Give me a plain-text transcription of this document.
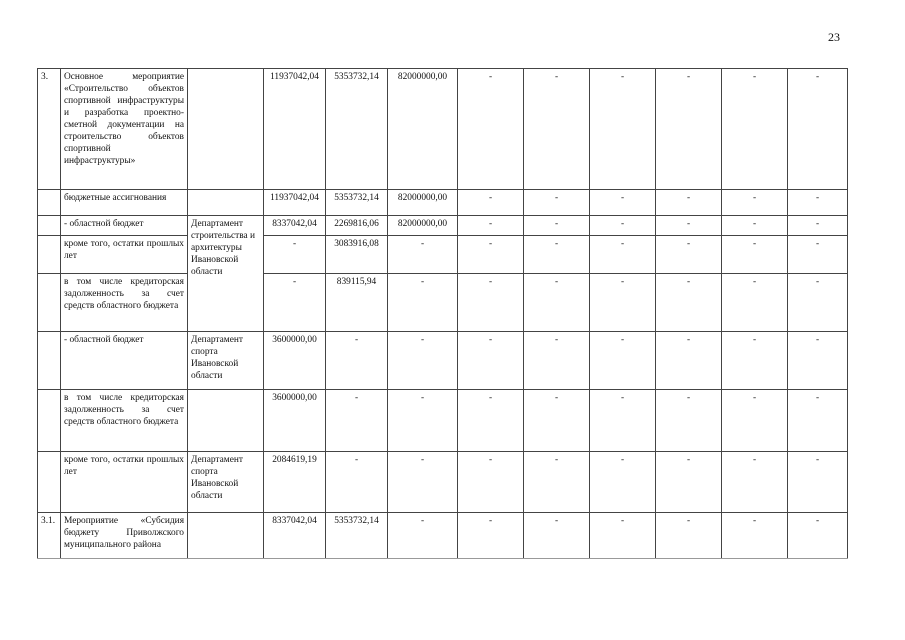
23
3.	Основное мероприятие «Строительство объектов спортивной инфраструктуры и разработка проектно-сметной документации на строительство объектов спортивной инфраструктуры»		11937042,04	5353732,14	82000000,00	-	-	-	-	-	-
	бюджетные ассигнования		11937042,04	5353732,14	82000000,00	-	-	-	-	-	-
	- областной бюджет	Департамент строительства и архитектуры Ивановской области	8337042,04	2269816,06	82000000,00	-	-	-	-	-	-
	кроме того, остатки прошлых лет		-	3083916,08	-	-	-	-	-	-	-
	в том числе кредиторская задолженность за счет средств областного бюджета		-	839115,94	-	-	-	-	-	-	-
	- областной бюджет	Департамент спорта Ивановской области	3600000,00	-	-	-	-	-	-	-	-
	в том числе кредиторская задолженность за счет средств областного бюджета		3600000,00	-	-	-	-	-	-	-	-
	кроме того, остатки прошлых лет	Департамент спорта Ивановской области	2084619,19	-	-	-	-	-	-	-	-
3.1.	Мероприятие «Субсидия бюджету Приволжского муниципального района		8337042,04	5353732,14	-	-	-	-	-	-	-
